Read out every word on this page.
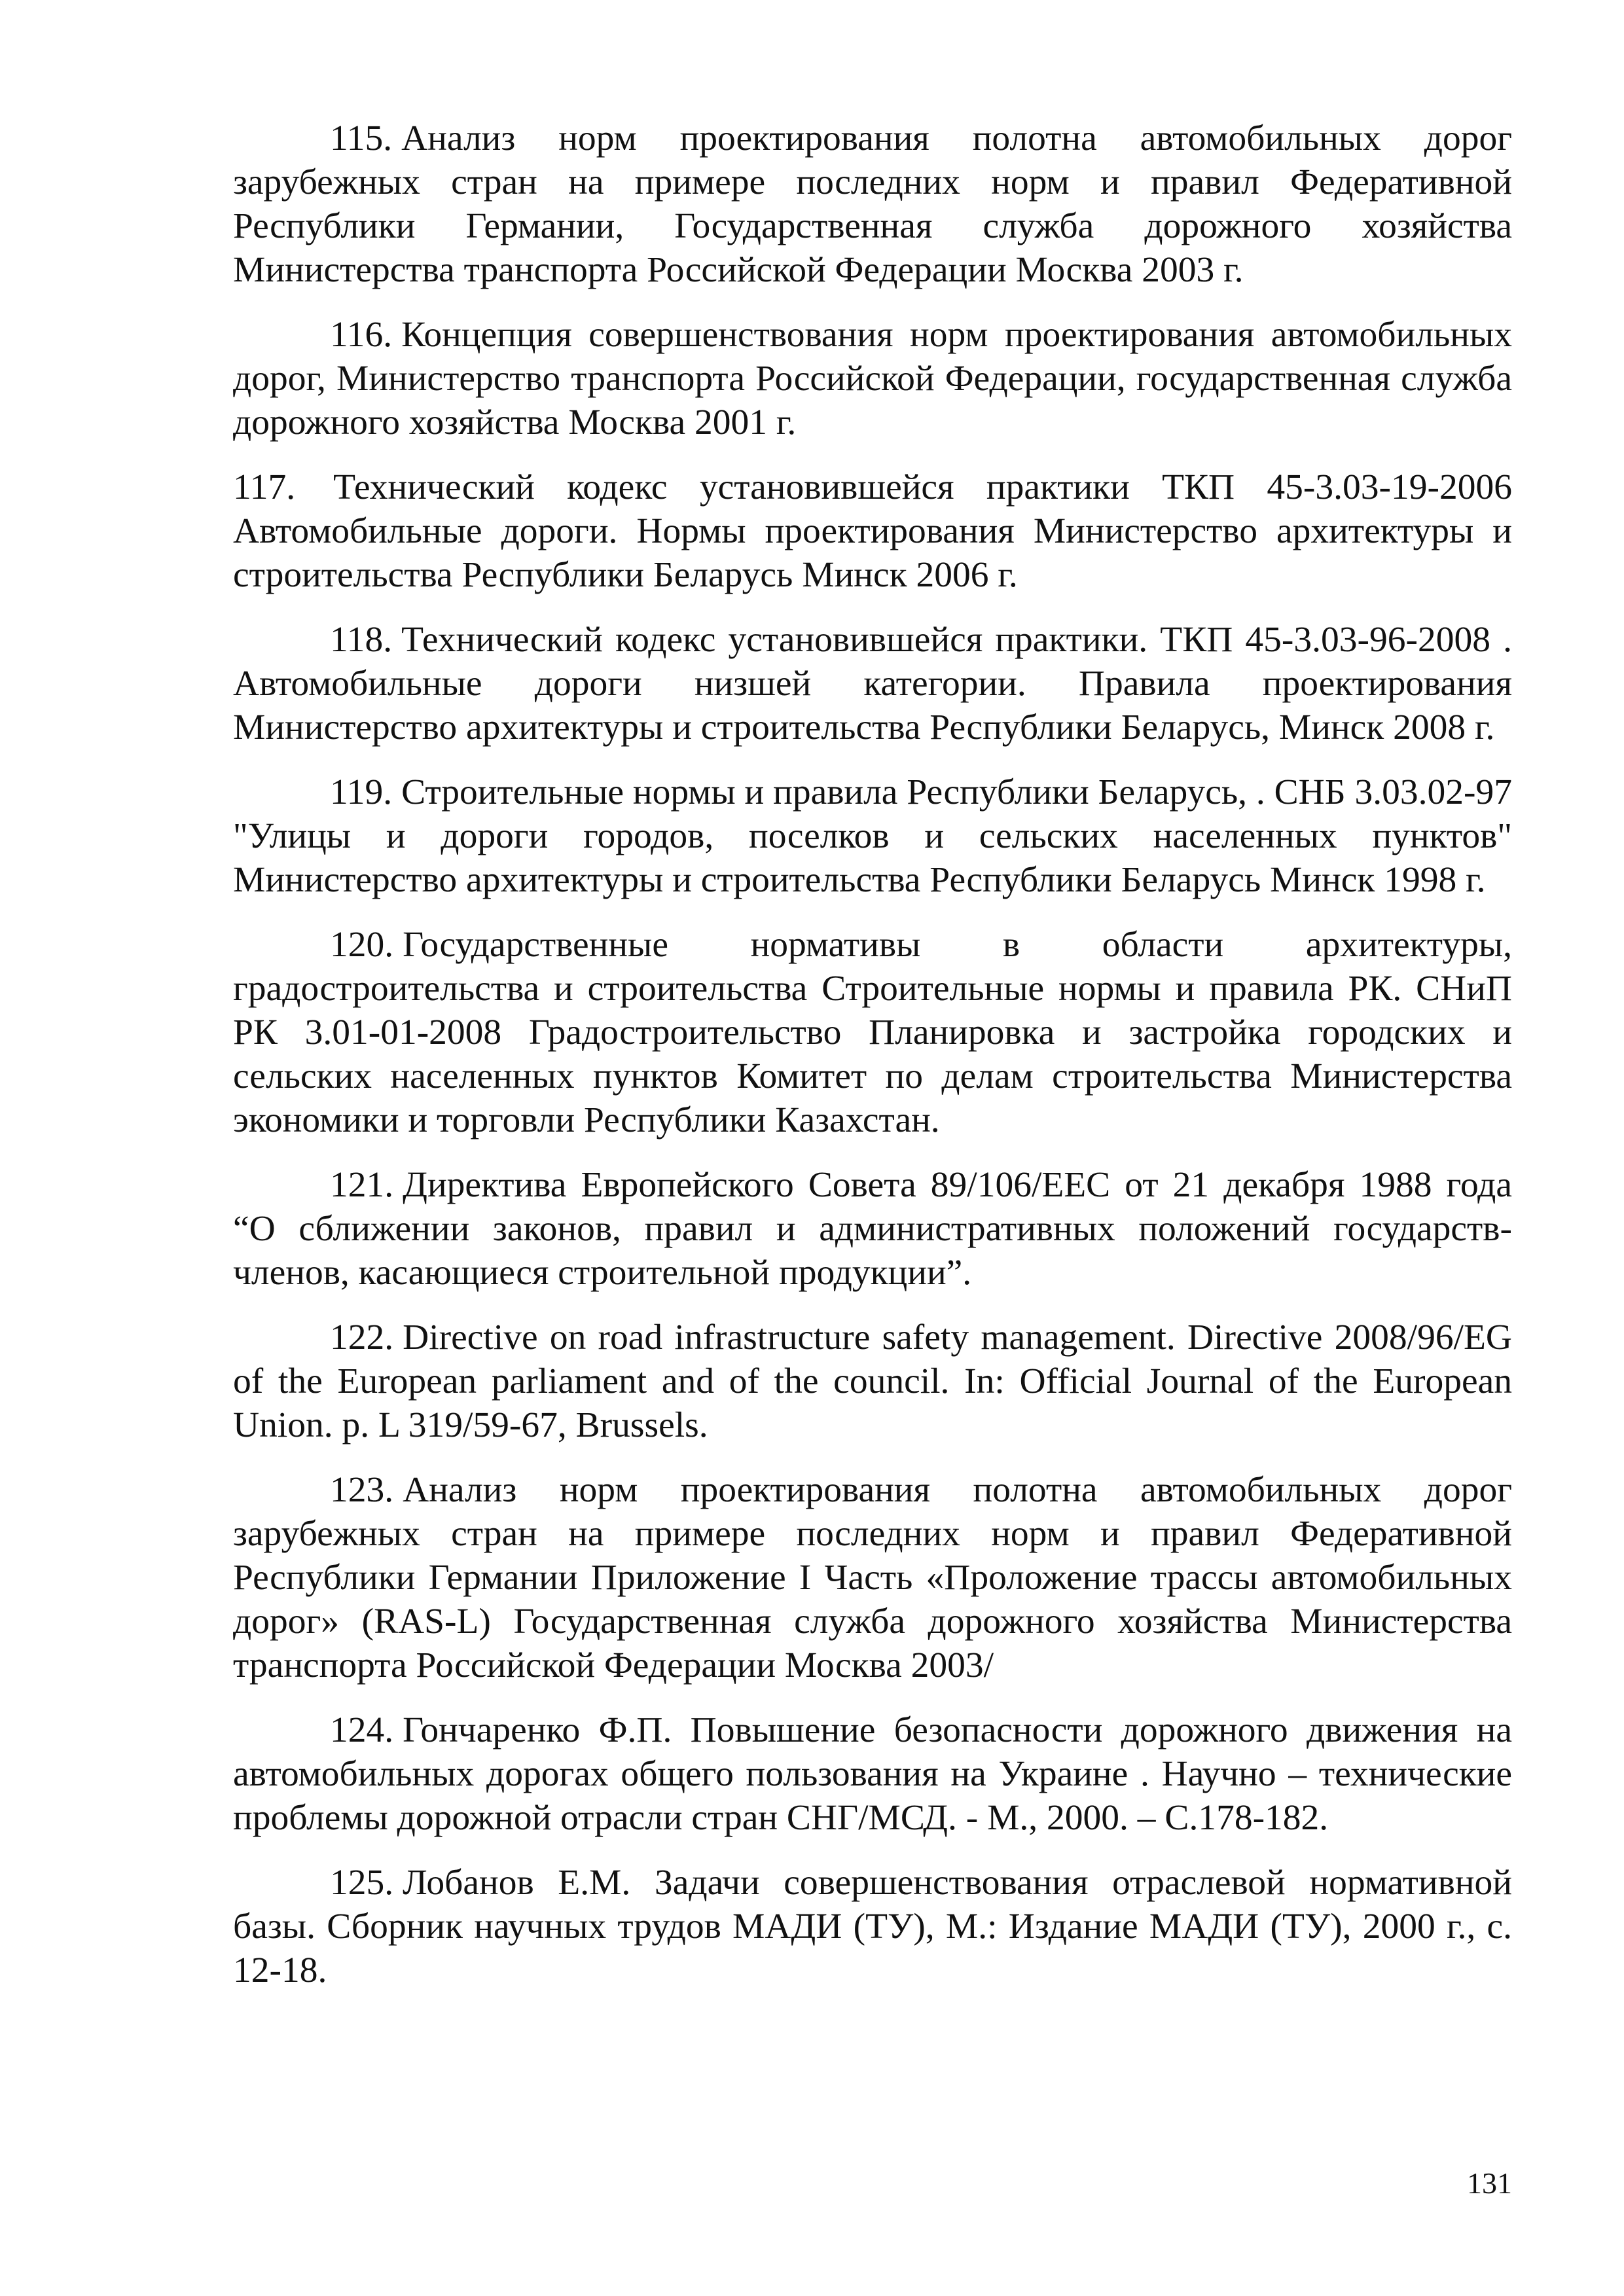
115. Анализ норм проектирования полотна автомобильных дорог зарубежных стран на примере последних норм и правил Федеративной Республики Германии, Государственная служба дорожного хозяйства Министерства транспорта Российской Федерации Москва 2003 г.

116. Концепция совершенствования норм проектирования автомобильных дорог, Министерство транспорта Российской Федерации, государственная служба дорожного хозяйства Москва 2001 г.

117. Технический кодекс установившейся практики ТКП 45-3.03-19-2006 Автомобильные дороги. Нормы проектирования Министерство архитектуры и строительства Республики Беларусь Минск 2006 г.

118. Технический кодекс установившейся практики. ТКП 45-3.03-96-2008 . Автомобильные дороги низшей категории. Правила проектирования Министерство архитектуры и строительства Республики Беларусь, Минск 2008 г.

119. Строительные нормы и правила Республики Беларусь, . СНБ 3.03.02-97 "Улицы и дороги городов, поселков и сельских населенных пунктов" Министерство архитектуры и строительства Республики Беларусь Минск 1998 г.

120. Государственные нормативы в области архитектуры, градостроительства и строительства Строительные нормы и правила РК. СНиП РК 3.01-01-2008 Градостроительство Планировка и застройка городских и сельских населенных пунктов Комитет по делам строительства Министерства экономики и торговли Республики Казахстан.

121. Директива Европейского Совета 89/106/EEC от 21 декабря 1988 года “О сближении законов, правил и административных положений государств-членов, касающиеся строительной продукции”.

122. Directive on road infrastructure safety management. Directive 2008/96/EG of the European parliament and of the council. In: Official Journal of the European Union. p. L 319/59-67, Brussels.

123. Анализ норм проектирования полотна автомобильных дорог зарубежных стран на примере последних норм и правил Федеративной Республики Германии Приложение I Часть «Проложение трассы автомобильных дорог» (RAS-L) Государственная служба дорожного хозяйства Министерства транспорта Российской Федерации Москва 2003/

124. Гончаренко Ф.П. Повышение безопасности дорожного движения на автомобильных дорогах общего пользования на Украине . Научно – технические проблемы дорожной отрасли стран СНГ/МСД. - М., 2000. – С.178-182.

125. Лобанов Е.М. Задачи совершенствования отраслевой нормативной базы. Сборник научных трудов МАДИ (ТУ), М.: Издание МАДИ (ТУ), 2000 г., с. 12-18.

131
